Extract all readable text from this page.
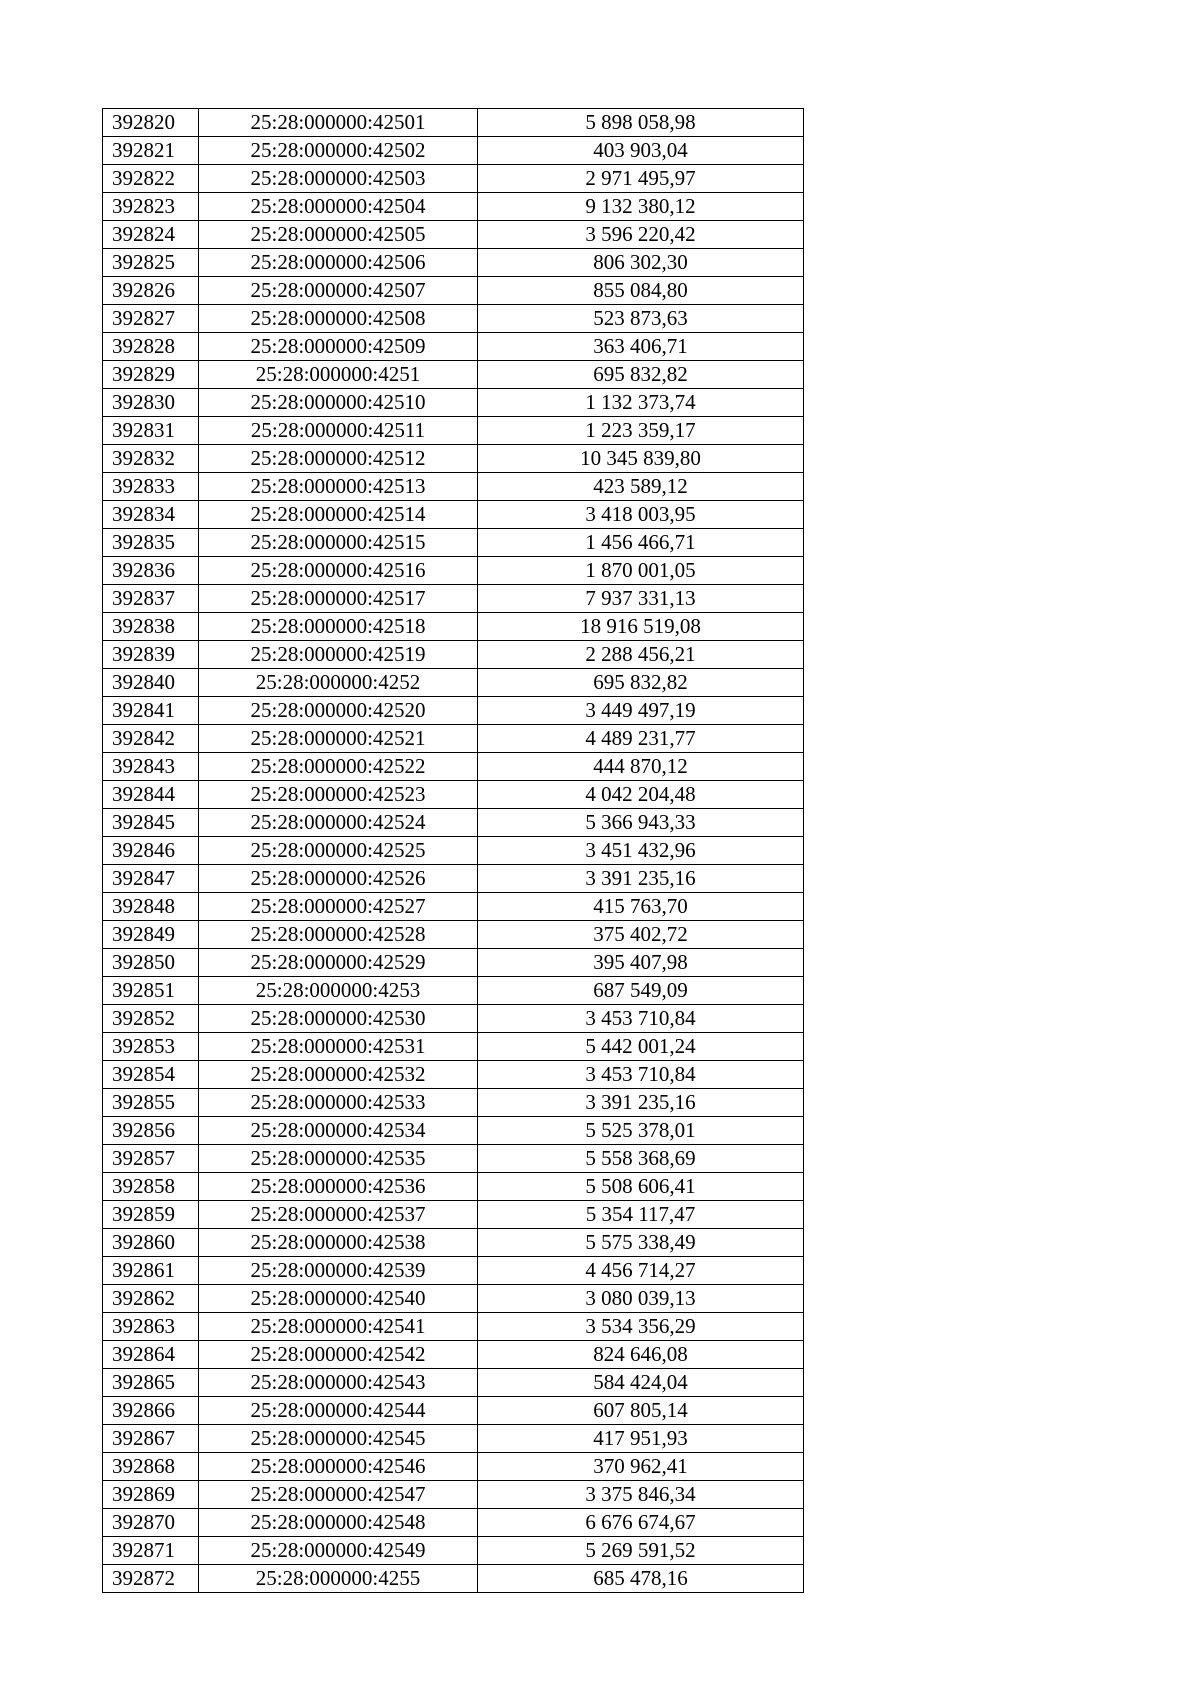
392820	25:28:000000:42501	5 898 058,98
392821	25:28:000000:42502	403 903,04
392822	25:28:000000:42503	2 971 495,97
392823	25:28:000000:42504	9 132 380,12
392824	25:28:000000:42505	3 596 220,42
392825	25:28:000000:42506	806 302,30
392826	25:28:000000:42507	855 084,80
392827	25:28:000000:42508	523 873,63
392828	25:28:000000:42509	363 406,71
392829	25:28:000000:4251	695 832,82
392830	25:28:000000:42510	1 132 373,74
392831	25:28:000000:42511	1 223 359,17
392832	25:28:000000:42512	10 345 839,80
392833	25:28:000000:42513	423 589,12
392834	25:28:000000:42514	3 418 003,95
392835	25:28:000000:42515	1 456 466,71
392836	25:28:000000:42516	1 870 001,05
392837	25:28:000000:42517	7 937 331,13
392838	25:28:000000:42518	18 916 519,08
392839	25:28:000000:42519	2 288 456,21
392840	25:28:000000:4252	695 832,82
392841	25:28:000000:42520	3 449 497,19
392842	25:28:000000:42521	4 489 231,77
392843	25:28:000000:42522	444 870,12
392844	25:28:000000:42523	4 042 204,48
392845	25:28:000000:42524	5 366 943,33
392846	25:28:000000:42525	3 451 432,96
392847	25:28:000000:42526	3 391 235,16
392848	25:28:000000:42527	415 763,70
392849	25:28:000000:42528	375 402,72
392850	25:28:000000:42529	395 407,98
392851	25:28:000000:4253	687 549,09
392852	25:28:000000:42530	3 453 710,84
392853	25:28:000000:42531	5 442 001,24
392854	25:28:000000:42532	3 453 710,84
392855	25:28:000000:42533	3 391 235,16
392856	25:28:000000:42534	5 525 378,01
392857	25:28:000000:42535	5 558 368,69
392858	25:28:000000:42536	5 508 606,41
392859	25:28:000000:42537	5 354 117,47
392860	25:28:000000:42538	5 575 338,49
392861	25:28:000000:42539	4 456 714,27
392862	25:28:000000:42540	3 080 039,13
392863	25:28:000000:42541	3 534 356,29
392864	25:28:000000:42542	824 646,08
392865	25:28:000000:42543	584 424,04
392866	25:28:000000:42544	607 805,14
392867	25:28:000000:42545	417 951,93
392868	25:28:000000:42546	370 962,41
392869	25:28:000000:42547	3 375 846,34
392870	25:28:000000:42548	6 676 674,67
392871	25:28:000000:42549	5 269 591,52
392872	25:28:000000:4255	685 478,16
